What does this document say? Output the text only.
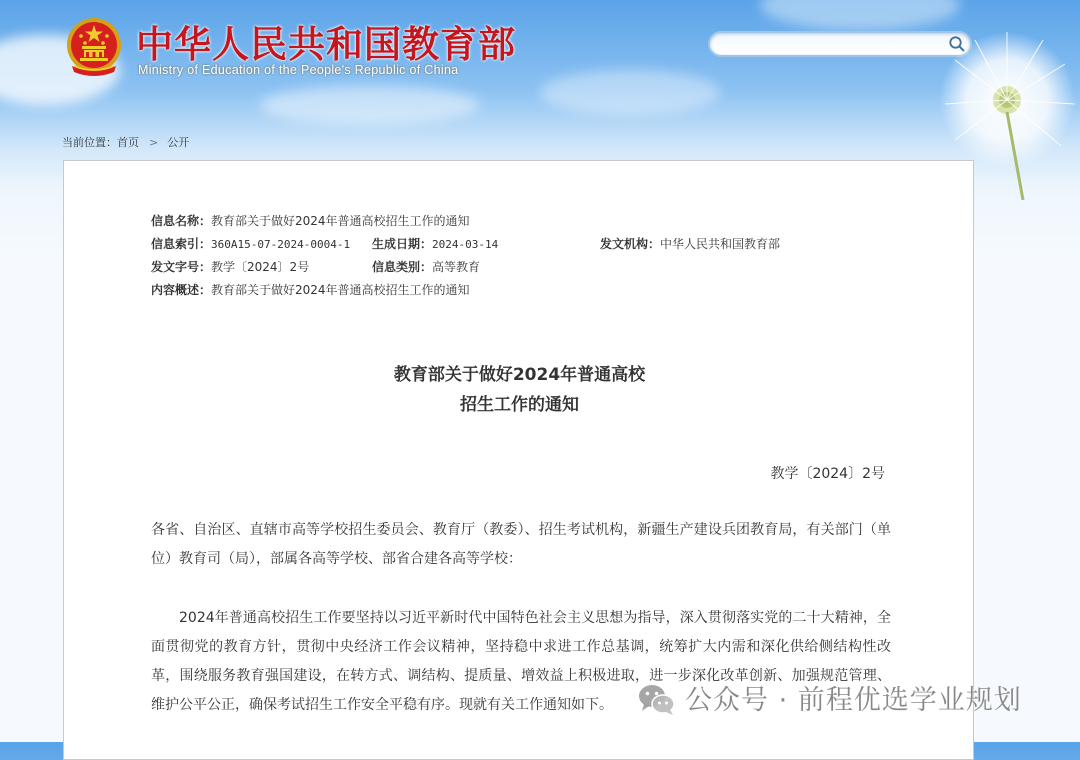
中华人民共和国教育部
Ministry of Education of the People's Republic of China
当前位置：首页 > 公开
信息名称：教育部关于做好2024年普通高校招生工作的通知
信息索引：360A15-07-2024-0004-1 生成日期：2024-03-14	发文机构：中华人民共和国教育部
发文字号：教学〔2024〕2号	信息类别：高等教育
内容概述：教育部关于做好2024年普通高校招生工作的通知
教育部关于做好2024年普通高校
招生工作的通知
教学〔2024〕2号

各省、自治区、直辖市高等学校招生委员会、教育厅（教委）、招生考试机构，新疆生产建设兵团教育局，有关部门（单位）教育司（局），部属各高等学校、部省合建各高等学校：

2024年普通高校招生工作要坚持以习近平新时代中国特色社会主义思想为指导，深入贯彻落实党的二十大精神，全面贯彻党的教育方针，贯彻中央经济工作会议精神，坚持稳中求进工作总基调，统筹扩大内需和深化供给侧结构性改革，围绕服务教育强国建设，在转方式、调结构、提质量、增效益上积极进取，进一步深化改革创新、加强规范管理、维护公平公正，确保考试招生工作安全平稳有序。现就有关工作通知如下。	公众号 · 前程优选学业规划
